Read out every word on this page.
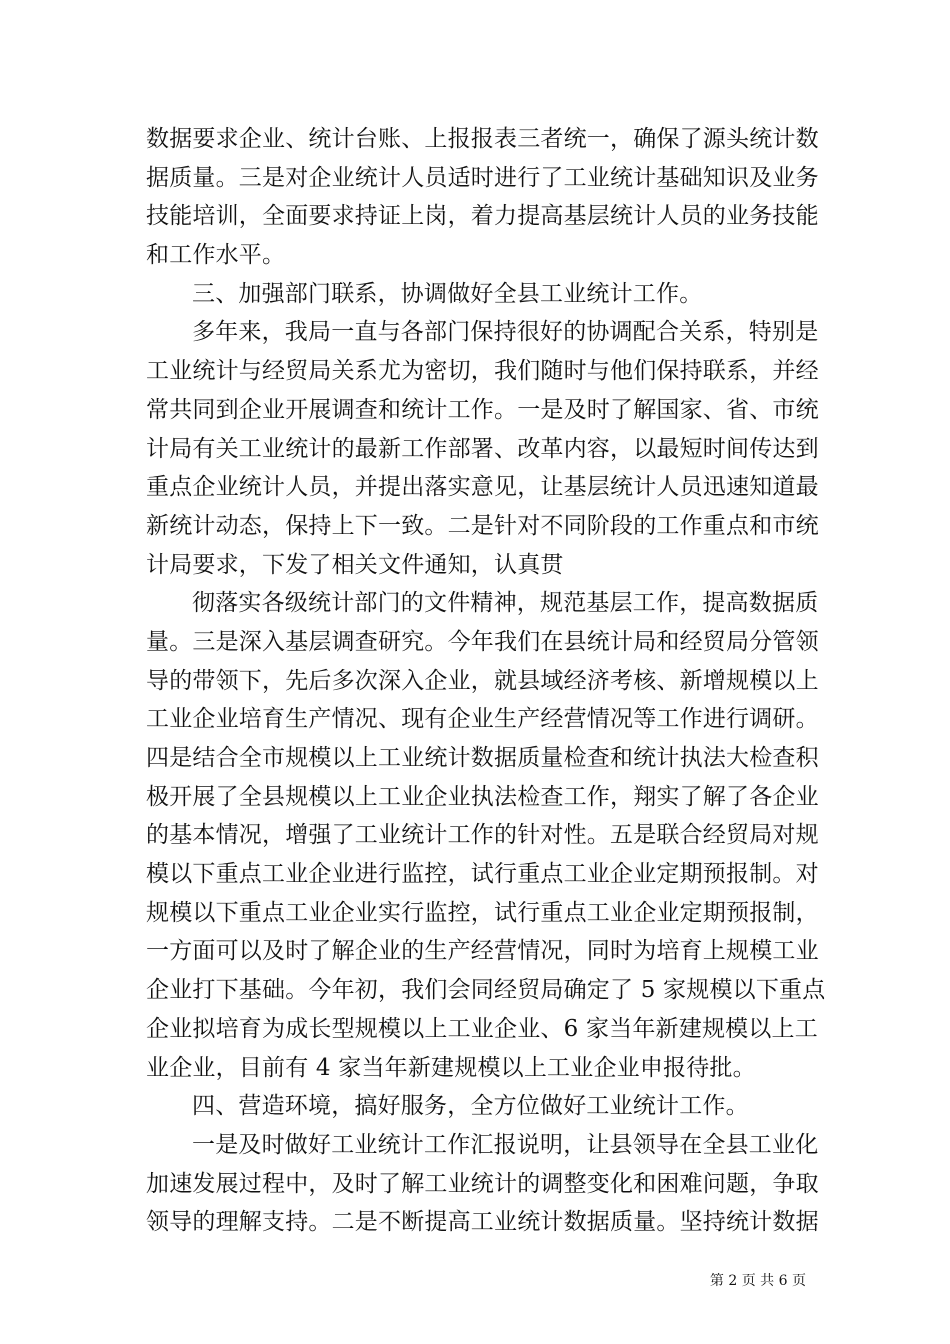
数据要求企业、统计台账、上报报表三者统一，确保了源头统计数
据质量。三是对企业统计人员适时进行了工业统计基础知识及业务
技能培训，全面要求持证上岗，着力提高基层统计人员的业务技能
和工作水平。
三、加强部门联系，协调做好全县工业统计工作。
多年来，我局一直与各部门保持很好的协调配合关系，特别是
工业统计与经贸局关系尤为密切，我们随时与他们保持联系，并经
常共同到企业开展调查和统计工作。一是及时了解国家、省、市统
计局有关工业统计的最新工作部署、改革内容，以最短时间传达到
重点企业统计人员，并提出落实意见，让基层统计人员迅速知道最
新统计动态，保持上下一致。二是针对不同阶段的工作重点和市统
计局要求，下发了相关文件通知，认真贯
彻落实各级统计部门的文件精神，规范基层工作，提高数据质
量。三是深入基层调查研究。今年我们在县统计局和经贸局分管领
导的带领下，先后多次深入企业，就县域经济考核、新增规模以上
工业企业培育生产情况、现有企业生产经营情况等工作进行调研。
四是结合全市规模以上工业统计数据质量检查和统计执法大检查积
极开展了全县规模以上工业企业执法检查工作，翔实了解了各企业
的基本情况，增强了工业统计工作的针对性。五是联合经贸局对规
模以下重点工业企业进行监控，试行重点工业企业定期预报制。对
规模以下重点工业企业实行监控，试行重点工业企业定期预报制，
一方面可以及时了解企业的生产经营情况，同时为培育上规模工业
企业打下基础。今年初，我们会同经贸局确定了 5 家规模以下重点
企业拟培育为成长型规模以上工业企业、6 家当年新建规模以上工
业企业，目前有 4 家当年新建规模以上工业企业申报待批。
四、营造环境，搞好服务，全方位做好工业统计工作。
一是及时做好工业统计工作汇报说明，让县领导在全县工业化
加速发展过程中，及时了解工业统计的调整变化和困难问题，争取
领导的理解支持。二是不断提高工业统计数据质量。坚持统计数据
第 2 页 共 6 页
